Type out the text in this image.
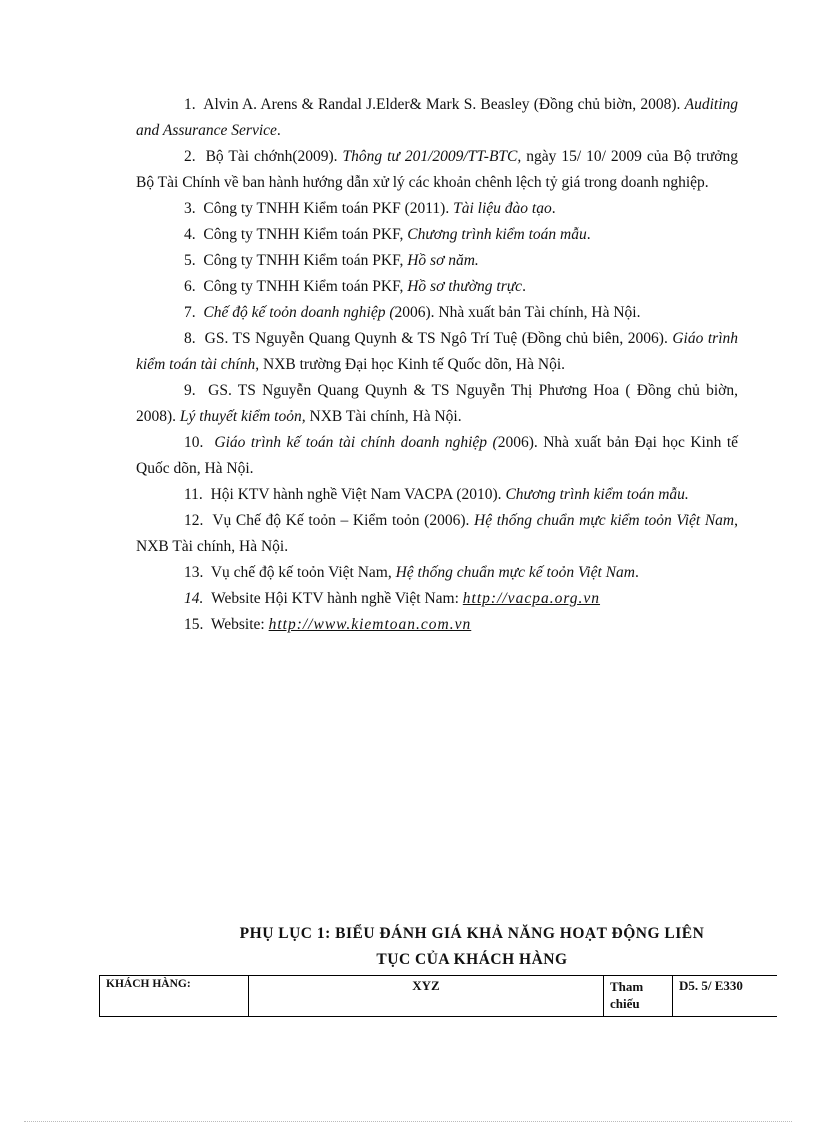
1.  Alvin A. Arens & Randal J.Elder& Mark S. Beasley (Đồng chủ biờn, 2008). Auditing and Assurance Service.

2.  Bộ Tài chớnh(2009). Thông tư 201/2009/TT-BTC, ngày 15/ 10/ 2009 của Bộ trưởng Bộ Tài Chính về ban hành hướng dẫn xử lý các khoản chênh lệch tỷ giá trong doanh nghiệp.

3.  Công ty TNHH Kiểm toán PKF (2011). Tài liệu đào tạo.

4.  Công ty TNHH Kiểm toán PKF, Chương trình kiểm toán mẫu.

5.  Công ty TNHH Kiểm toán PKF, Hồ sơ năm.

6.  Công ty TNHH Kiểm toán PKF, Hồ sơ thường trực.

7.  Chế độ kế toỏn doanh nghiệp (2006). Nhà xuất bản Tài chính, Hà Nội.

8.  GS. TS Nguyễn Quang Quynh & TS Ngô Trí Tuệ (Đồng chủ biên, 2006). Giáo trình kiểm toán tài chính, NXB trường Đại học Kinh tế Quốc dõn, Hà Nội.

9.  GS. TS Nguyễn Quang Quynh & TS Nguyễn Thị Phương Hoa ( Đồng chủ biờn, 2008). Lý thuyết kiểm toỏn, NXB Tài chính, Hà Nội.

10.  Giáo trình kế toán tài chính doanh nghiệp (2006). Nhà xuất bản Đại học Kinh tế Quốc dõn, Hà Nội.

11.  Hội KTV hành nghề Việt Nam VACPA (2010). Chương trình kiểm toán mẫu.

12.  Vụ Chế độ Kế toỏn – Kiểm toỏn (2006). Hệ thống chuẩn mực kiểm toỏn Việt Nam, NXB Tài chính, Hà Nội.

13.  Vụ chế độ kế toỏn Việt Nam, Hệ thống chuẩn mực kế toỏn Việt Nam.

14.  Website Hội KTV hành nghề Việt Nam: http://vacpa.org.vn

15.  Website: http://www.kiemtoan.com.vn

PHỤ LỤC 1: BIỂU ĐÁNH GIÁ KHẢ NĂNG HOẠT ĐỘNG LIÊN
TỤC CỦA KHÁCH HÀNG
KHÁCH HÀNG:	XYZ	Tham chiếu	D5. 5/ E330
